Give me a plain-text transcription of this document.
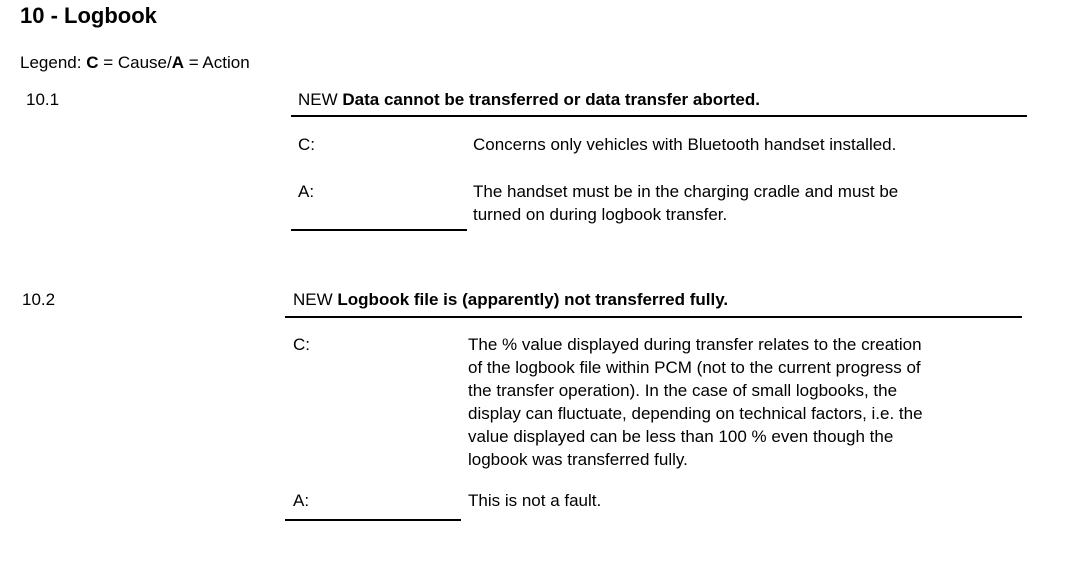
10 - Logbook
Legend: C = Cause/A = Action
10.1	NEW Data cannot be transferred or data transfer aborted.
C:	Concerns only vehicles with Bluetooth handset installed.
A:	The handset must be in the charging cradle and must be
turned on during logbook transfer.
10.2	NEW Logbook file is (apparently) not transferred fully.
C:	The % value displayed during transfer relates to the creation
of the logbook file within PCM (not to the current progress of
the transfer operation). In the case of small logbooks, the
display can fluctuate, depending on technical factors, i.e. the
value displayed can be less than 100 % even though the
logbook was transferred fully.
A:	This is not a fault.
